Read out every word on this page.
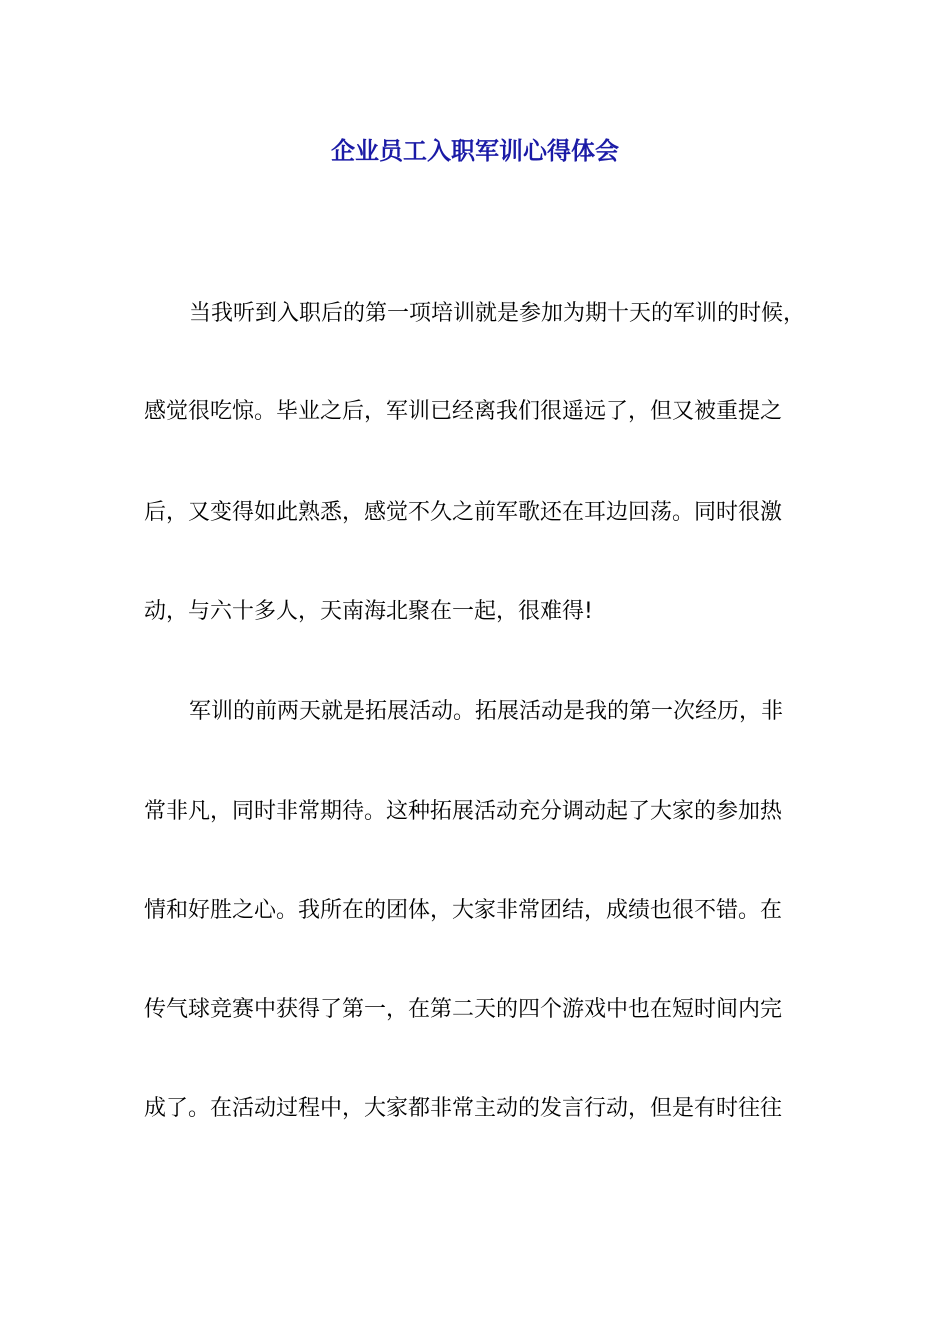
企业员工入职军训心得体会

当我听到入职后的第一项培训就是参加为期十天的军训的时候，

感觉很吃惊。毕业之后，军训已经离我们很遥远了，但又被重提之

后，又变得如此熟悉，感觉不久之前军歌还在耳边回荡。同时很激

动，与六十多人，天南海北聚在一起，很难得!

军训的前两天就是拓展活动。拓展活动是我的第一次经历，非

常非凡，同时非常期待。这种拓展活动充分调动起了大家的参加热

情和好胜之心。我所在的团体，大家非常团结，成绩也很不错。在

传气球竞赛中获得了第一，在第二天的四个游戏中也在短时间内完

成了。在活动过程中，大家都非常主动的发言行动，但是有时往往
